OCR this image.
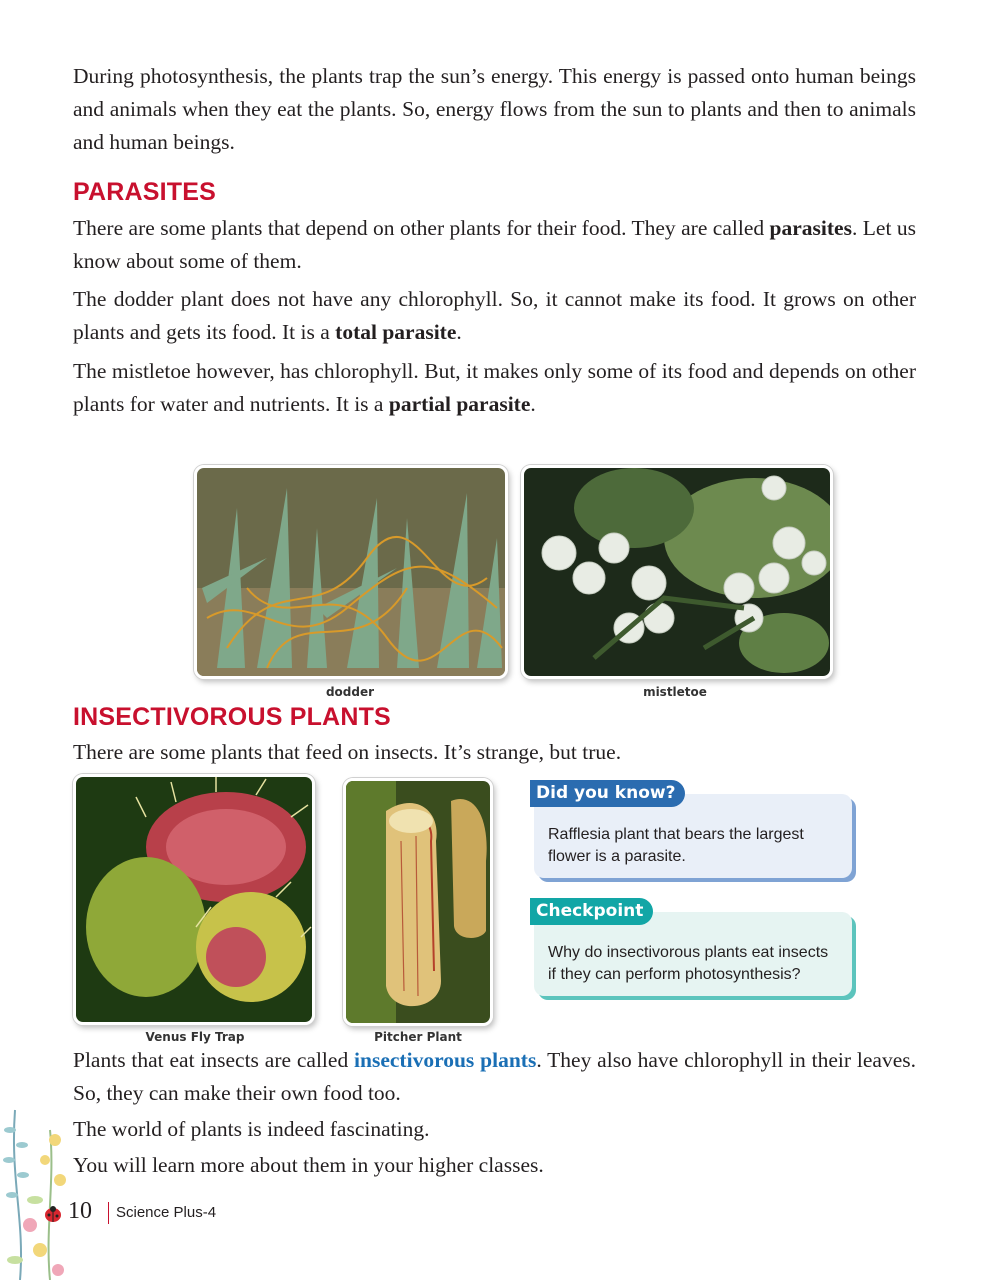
During photosynthesis, the plants trap the sun’s energy. This energy is passed onto human beings and animals when they eat the plants. So, energy flows from the sun to plants and then to animals and human beings.

PARASITES

There are some plants that depend on other plants for their food. They are called parasites. Let us know about some of them.

The dodder plant does not have any chlorophyll. So, it cannot make its food. It grows on other plants and gets its food. It is a total parasite.

The mistletoe however, has chlorophyll. But, it makes only some of its food and depends on other plants for water and nutrients. It is a partial parasite.

dodder	mistletoe
INSECTIVOROUS PLANTS

There are some plants that feed on insects. It’s strange, but true.

Venus Fly Trap	Pitcher Plant
Did you know?
Rafflesia plant that bears the largest flower is a parasite.
Checkpoint
Why do insectivorous plants eat insects if they can perform photosynthesis?

Plants that eat insects are called insectivorous plants. They also have chlorophyll in their leaves. So, they can make their own food too.

The world of plants is indeed fascinating.

You will learn more about them in your higher classes.

10 Science Plus-4
